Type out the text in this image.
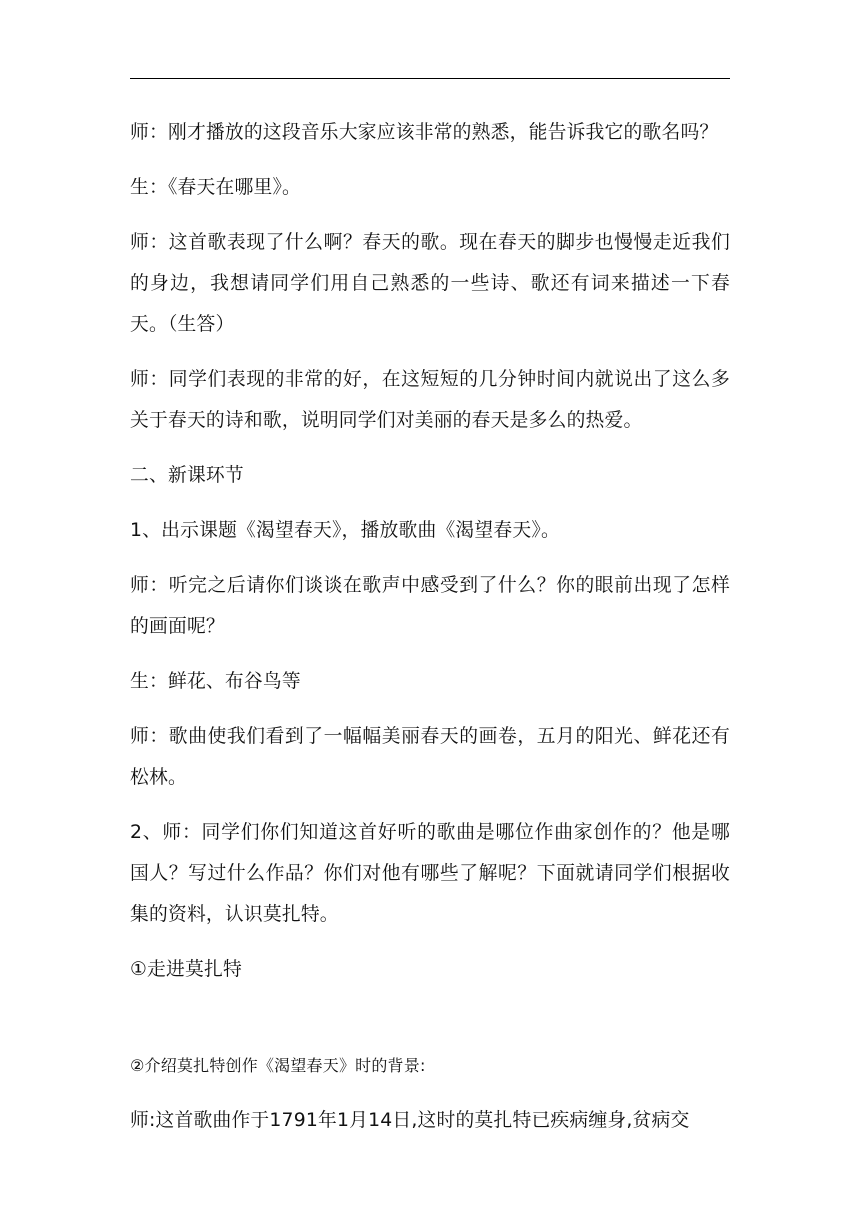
师：刚才播放的这段音乐大家应该非常的熟悉，能告诉我它的歌名吗？

生：《春天在哪里》。

师：这首歌表现了什么啊？春天的歌。现在春天的脚步也慢慢走近我们的身边，我想请同学们用自己熟悉的一些诗、歌还有词来描述一下春天。（生答）

师：同学们表现的非常的好，在这短短的几分钟时间内就说出了这么多关于春天的诗和歌，说明同学们对美丽的春天是多么的热爱。

二、新课环节

1、出示课题《渴望春天》，播放歌曲《渴望春天》。

师：听完之后请你们谈谈在歌声中感受到了什么？你的眼前出现了怎样的画面呢？

生：鲜花、布谷鸟等

师：歌曲使我们看到了一幅幅美丽春天的画卷，五月的阳光、鲜花还有松林。

2、师：同学们你们知道这首好听的歌曲是哪位作曲家创作的？他是哪国人？写过什么作品？你们对他有哪些了解呢？下面就请同学们根据收集的资料，认识莫扎特。

①走进莫扎特

②介绍莫扎特创作《渴望春天》时的背景:

师:这首歌曲作于1791年1月14日,这时的莫扎特已疾病缠身,贫病交
